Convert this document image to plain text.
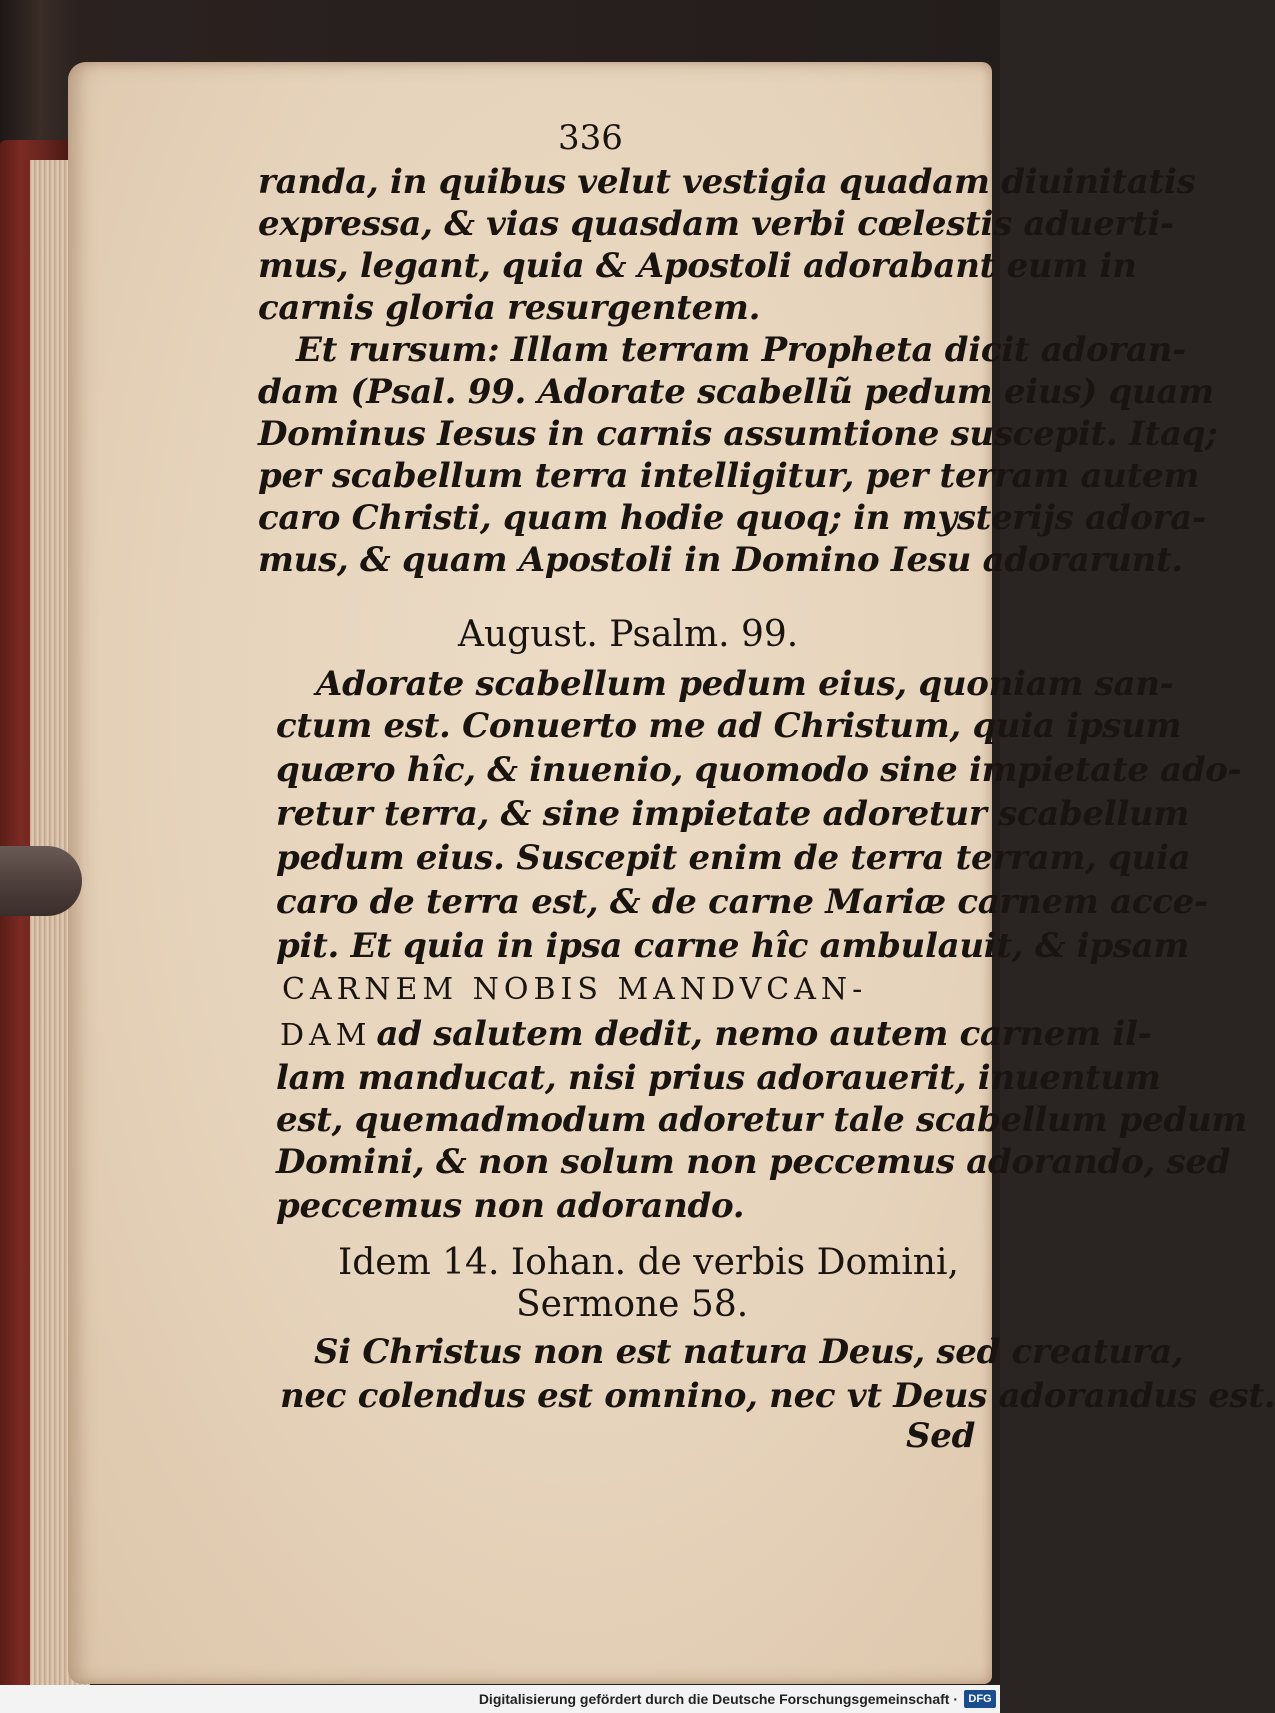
336
randa, in quibus velut vestigia quadam diuinitatis
expressa, & vias quasdam verbi cœlestis aduerti-
mus, legant, quia & Apostoli adorabant eum in
carnis gloria resurgentem.
Et rursum: Illam terram Propheta dicit adoran-
dam (Psal. 99. Adorate scabellũ pedum eius) quam
Dominus Iesus in carnis assumtione suscepit. Itaq;
per scabellum terra intelligitur, per terram autem
caro Christi, quam hodie quoq; in mysterijs adora-
mus, & quam Apostoli in Domino Iesu adorarunt.
August. Psalm. 99.
Adorate scabellum pedum eius, quoniam san-
ctum est. Conuerto me ad Christum, quia ipsum
quæro hîc, & inuenio, quomodo sine impietate ado-
retur terra, & sine impietate adoretur scabellum
pedum eius. Suscepit enim de terra terram, quia
caro de terra est, & de carne Mariæ carnem acce-
pit. Et quia in ipsa carne hîc ambulauit, & ipsam
CARNEM NOBIS MANDVCAN-
DAM ad salutem dedit, nemo autem carnem il-
lam manducat, nisi prius adorauerit, inuentum
est, quemadmodum adoretur tale scabellum pedum
Domini, & non solum non peccemus adorando, sed
peccemus non adorando.
Idem 14. Iohan. de verbis Domini,
Sermone 58.
Si Christus non est natura Deus, sed creatura,
nec colendus est omnino, nec vt Deus adorandus est.
Sed
Digitalisierung gefördert durch die Deutsche Forschungsgemeinschaft · DFG
